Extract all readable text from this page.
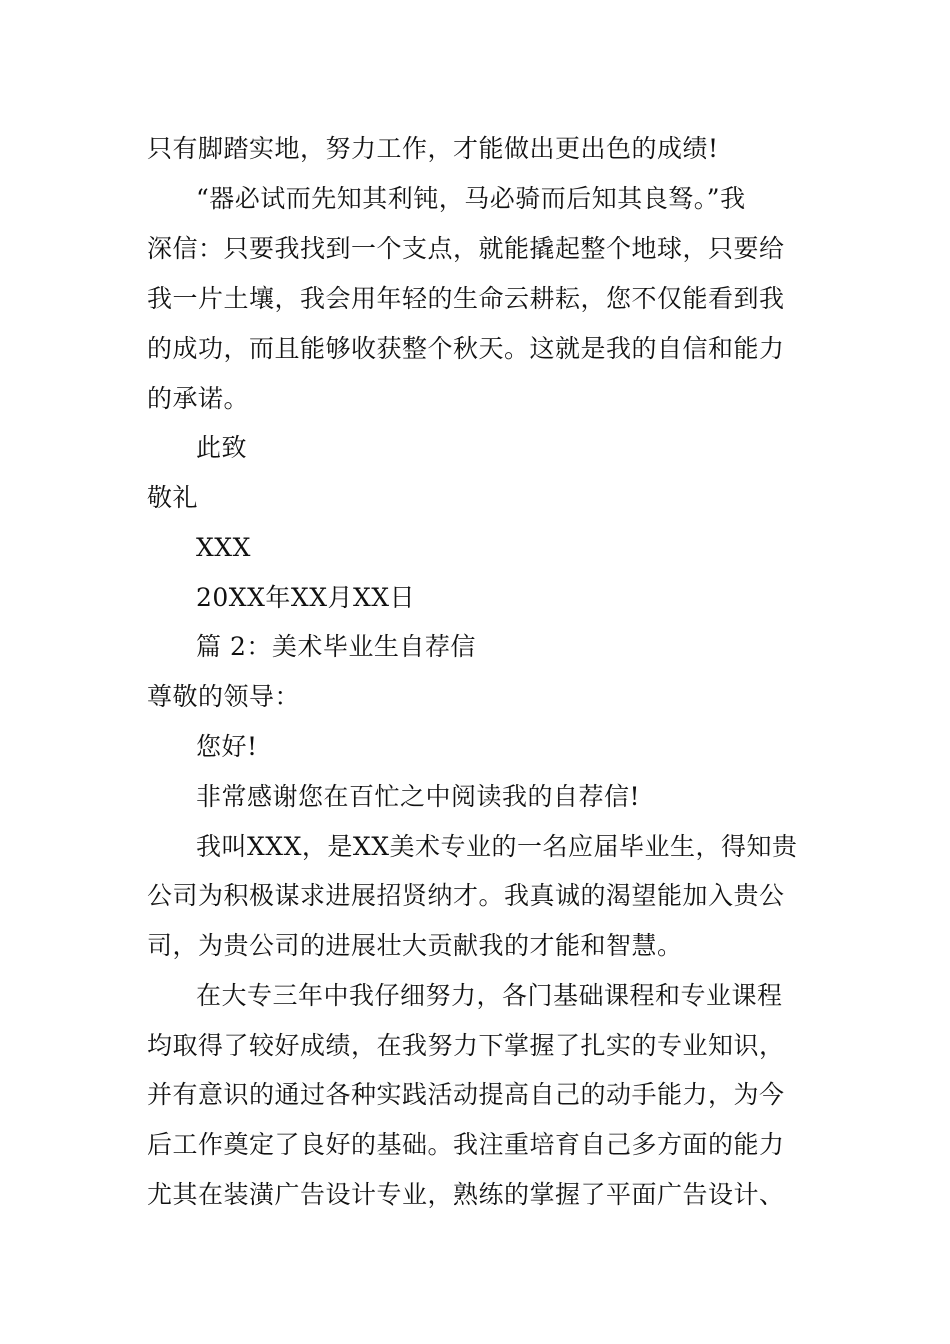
只有脚踏实地，努力工作，才能做出更出色的成绩!
“器必试而先知其利钝，马必骑而后知其良驽。”我
深信：只要我找到一个支点，就能撬起整个地球，只要给
我一片土壤，我会用年轻的生命云耕耘，您不仅能看到我
的成功，而且能够收获整个秋天。这就是我的自信和能力
的承诺。
此致
敬礼
XXX
20XX年XX月XX日
篇 2：美术毕业生自荐信
尊敬的领导：
您好!
非常感谢您在百忙之中阅读我的自荐信!
我叫XXX，是XX美术专业的一名应届毕业生，得知贵
公司为积极谋求进展招贤纳才。我真诚的渴望能加入贵公
司，为贵公司的进展壮大贡献我的才能和智慧。
在大专三年中我仔细努力，各门基础课程和专业课程
均取得了较好成绩，在我努力下掌握了扎实的专业知识，
并有意识的通过各种实践活动提高自己的动手能力，为今
后工作奠定了良好的基础。我注重培育自己多方面的能力
尤其在装潢广告设计专业，熟练的掌握了平面广告设计、
